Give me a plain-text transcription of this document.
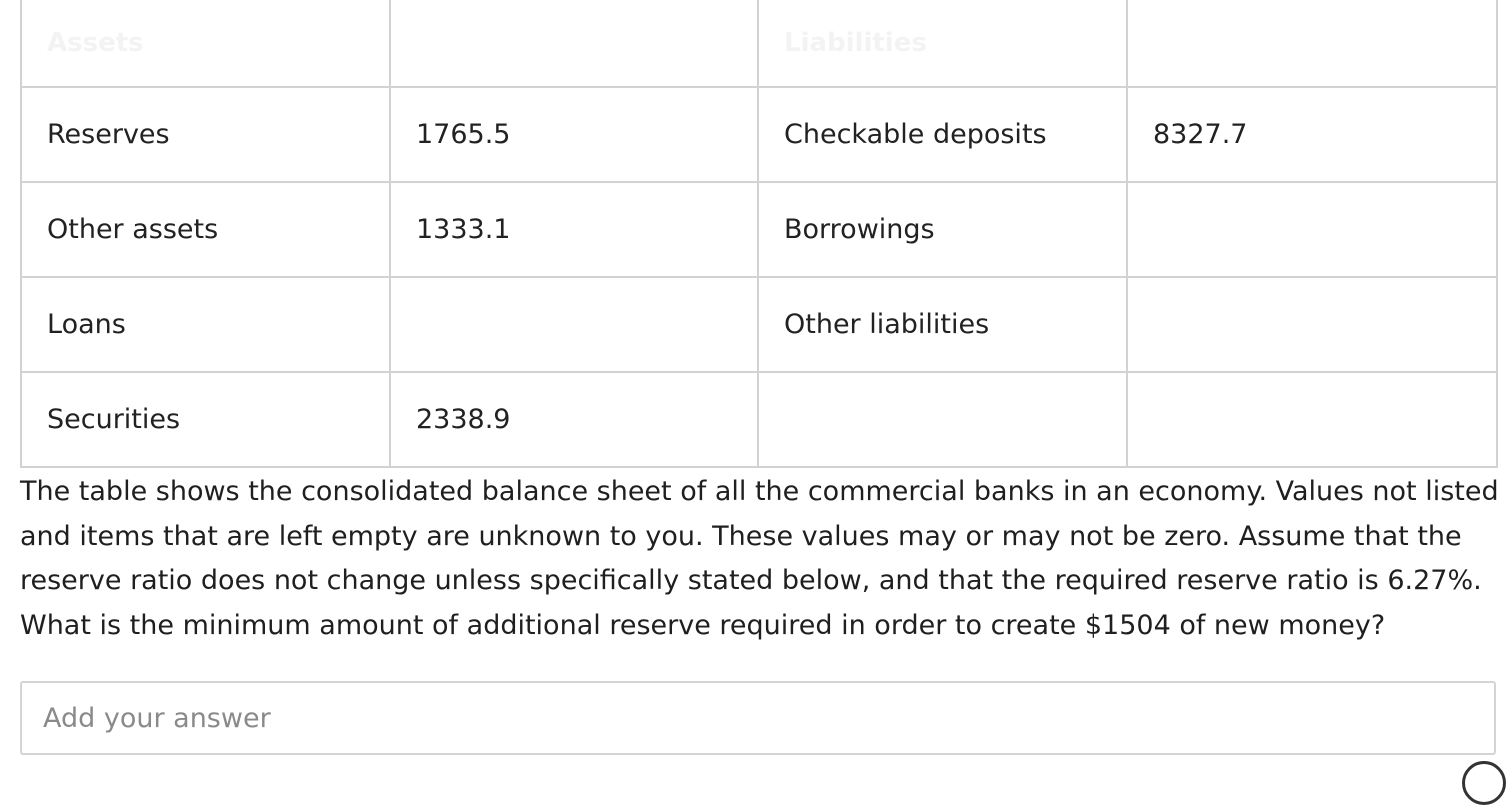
Assets		Liabilities	
Reserves	1765.5	Checkable deposits	8327.7
Other assets	1333.1	Borrowings	
Loans		Other liabilities	
Securities	2338.9		

The table shows the consolidated balance sheet of all the commercial banks in an economy. Values not listed and items that are left empty are unknown to you. These values may or may not be zero. Assume that the reserve ratio does not change unless specifically stated below, and that the required reserve ratio is 6.27%.

What is the minimum amount of additional reserve required in order to create $1504 of new money?

Add your answer
